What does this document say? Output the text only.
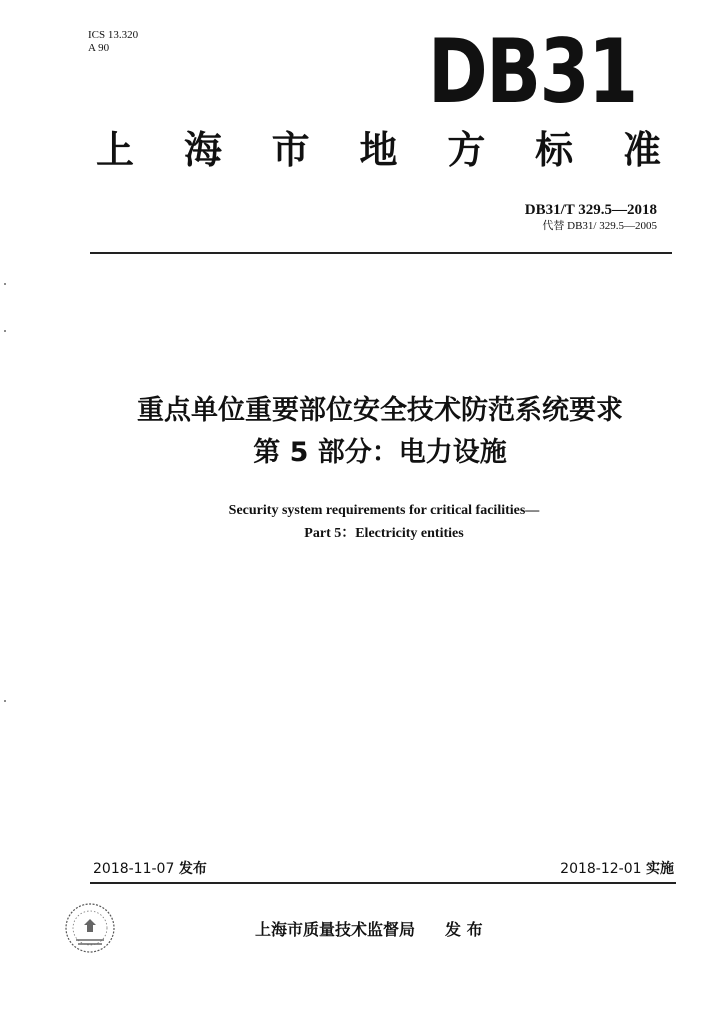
ICS 13.320
A 90	DB31
上 海 市 地 方 标 准
DB31/T 329.5—2018
代替 DB31/ 329.5—2005
重点单位重要部位安全技术防范系统要求
第 5 部分：电力设施
Security system requirements for critical facilities—
Part 5：Electricity entities
2018-11-07 发布	2018-12-01 实施
上海市质量技术监督局 发 布
